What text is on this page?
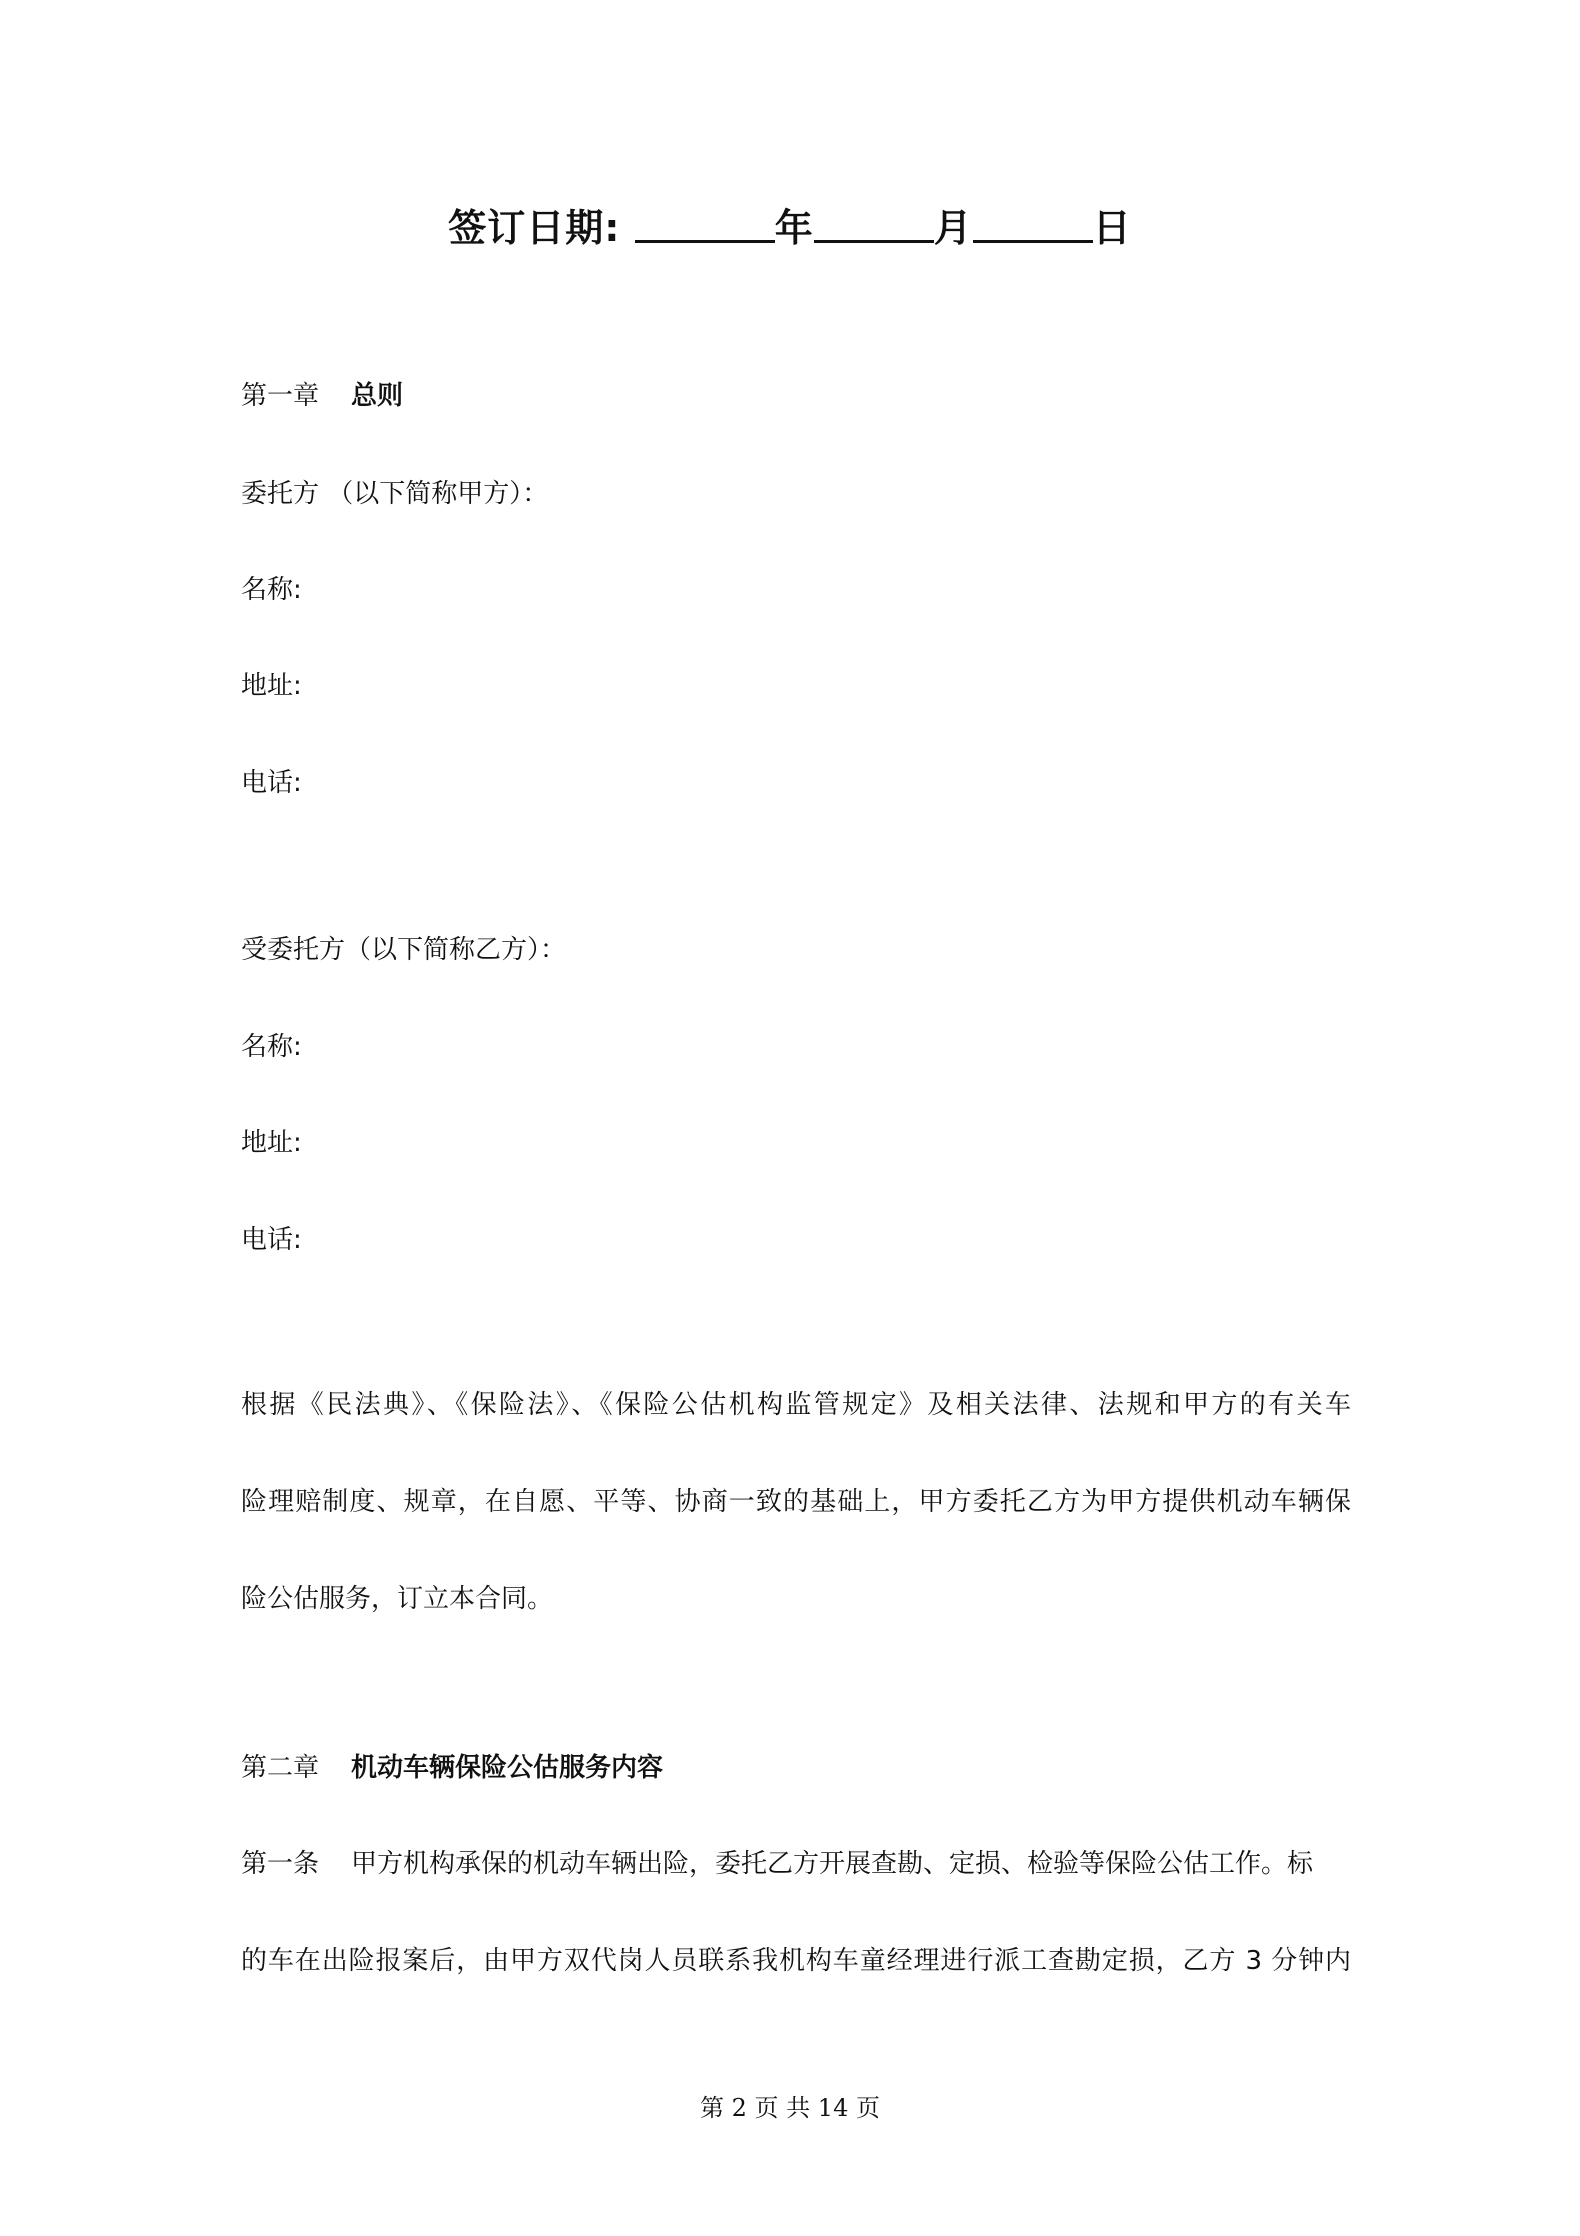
签订日期:	年	月	日
第一章 总则
委托方 （以下简称甲方）：
名称:
地址:
电话:
受委托方（以下简称乙方）：
名称:
地址:
电话:
根据《民法典》、《保险法》、《保险公估机构监管规定》及相关法律、法规和甲方的有关车
险理赔制度、规章，在自愿、平等、协商一致的基础上，甲方委托乙方为甲方提供机动车辆保
险公估服务，订立本合同。
第二章 机动车辆保险公估服务内容
第一条 甲方机构承保的机动车辆出险，委托乙方开展查勘、定损、检验等保险公估工作。标
的车在出险报案后，由甲方双代岗人员联系我机构车童经理进行派工查勘定损，乙方 3 分钟内
第 2 页 共 14 页
